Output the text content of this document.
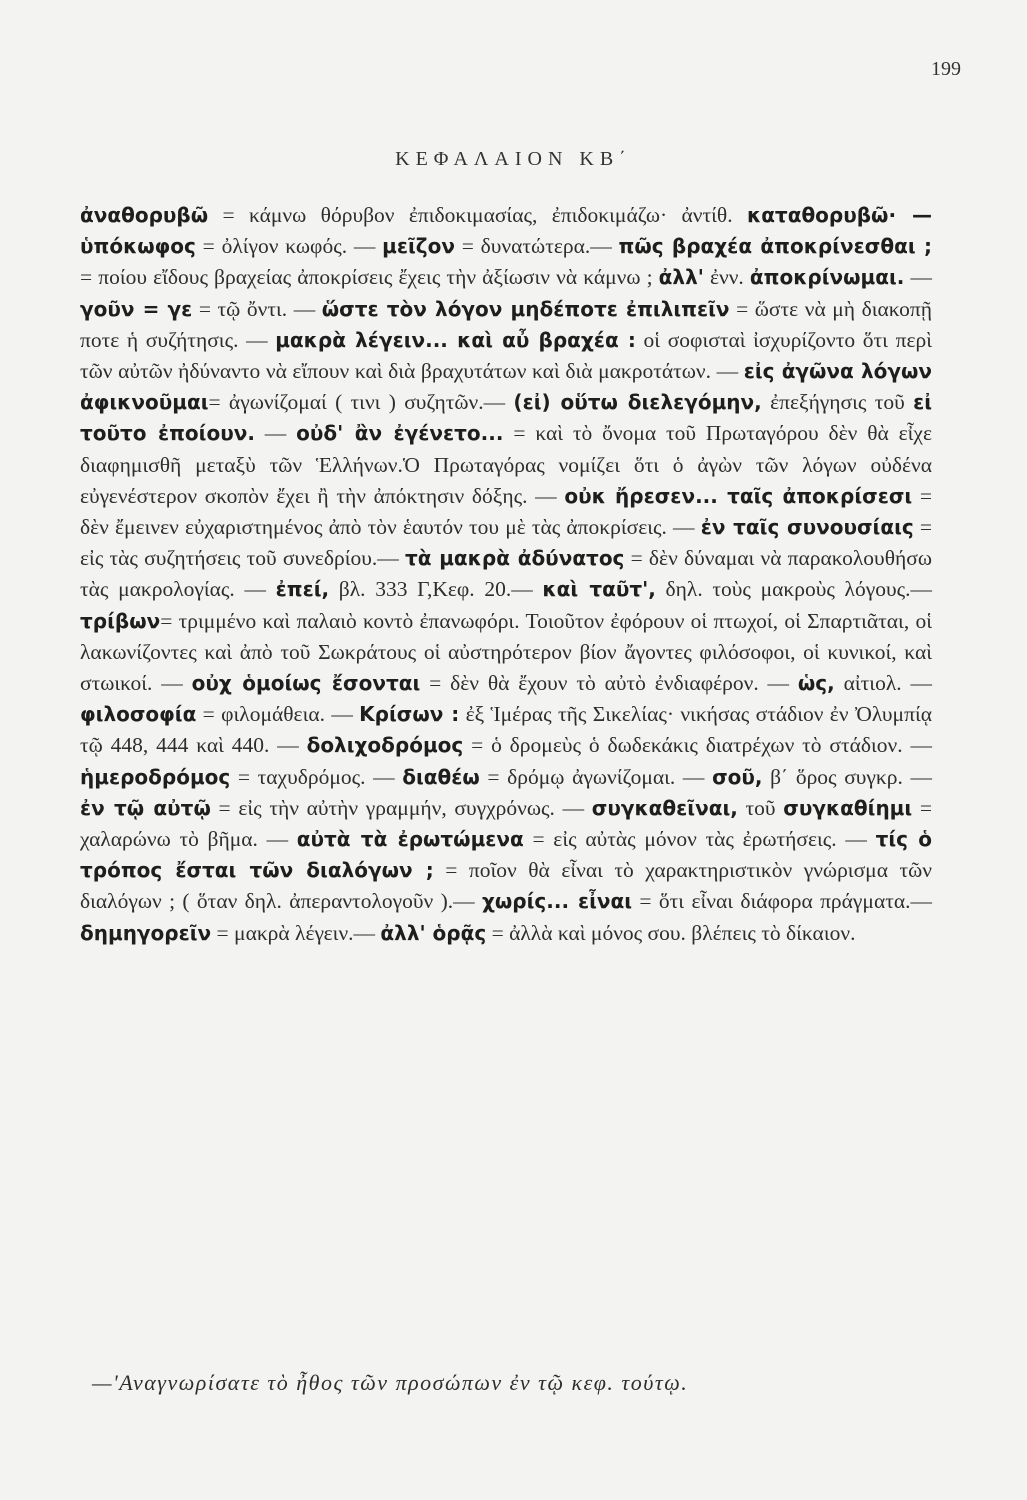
199
ΚΕΦΑΛΑΙΟΝ ΚΒ΄

ἀναθορυβῶ = κάμνω θόρυβον ἐπιδοκιμασίας, ἐπιδοκιμάζω· ἀντίθ. καταθορυβῶ· — ὑπόκωφος = ὀλίγον κωφός. — μεῖζον = δυνατώτερα.— πῶς βραχέα ἀποκρίνεσθαι ; = ποίου εἴδους βραχείας ἀποκρίσεις ἔχεις τὴν ἀξίωσιν νὰ κάμνω ; ἀλλ' ἐνν. ἀποκρίνωμαι. — γοῦν = γε = τῷ ὄντι. — ὥστε τὸν λόγον μηδέποτε ἐπιλιπεῖν = ὥστε νὰ μὴ διακοπῇ ποτε ἡ συζήτησις. — μακρὰ λέγειν... καὶ αὖ βραχέα : οἱ σοφισταὶ ἰσχυρίζοντο ὅτι περὶ τῶν αὐτῶν ἠδύναντο νὰ εἴπουν καὶ διὰ βραχυτάτων καὶ διὰ μακροτάτων. — εἰς ἀγῶνα λόγων ἀφικνοῦμαι= ἀγωνίζομαί ( τινι ) συζητῶν.— (εἰ) οὕτω διελεγόμην, ἐπεξήγησις τοῦ εἰ τοῦτο ἐποίουν. — οὐδ' ἂν ἐγένετο... = καὶ τὸ ὄνομα τοῦ Πρωταγόρου δὲν θὰ εἶχε διαφημισθῆ μεταξὺ τῶν Ἑλλήνων.Ὁ Πρωταγόρας νομίζει ὅτι ὁ ἀγὼν τῶν λόγων οὐδένα εὐγενέστερον σκοπὸν ἔχει ἢ τὴν ἀπόκτησιν δόξης. — οὐκ ἤρεσεν... ταῖς ἀποκρίσεσι = δὲν ἔμεινεν εὐχαριστημένος ἀπὸ τὸν ἑαυτόν του μὲ τὰς ἀποκρίσεις. — ἐν ταῖς συνουσίαις = εἰς τὰς συζητήσεις τοῦ συνεδρίου.— τὰ μακρὰ ἀδύνατος = δὲν δύναμαι νὰ παρακολουθήσω τὰς μακρολογίας. — ἐπεί, βλ. 333 Γ,Κεφ. 20.— καὶ ταῦτ', δηλ. τοὺς μακροὺς λόγους.— τρίβων= τριμμένο καὶ παλαιὸ κοντὸ ἐπανωφόρι. Τοιοῦτον ἐφόρουν οἱ πτωχοί, οἱ Σπαρτιᾶται, οἱ λακωνίζοντες καὶ ἀπὸ τοῦ Σωκράτους οἱ αὐστηρότερον βίον ἄγοντες φιλόσοφοι, οἱ κυνικοί, καὶ στωικοί. — οὐχ ὁμοίως ἔσονται = δὲν θὰ ἔχουν τὸ αὐτὸ ἐνδιαφέρον. — ὡς, αἰτιολ. — φιλοσοφία = φιλομάθεια. — Κρίσων : ἐξ Ἱμέρας τῆς Σικελίας· νικήσας στάδιον ἐν Ὀλυμπίᾳ τῷ 448, 444 καὶ 440. — δολιχοδρόμος = ὁ δρομεὺς ὁ δωδεκάκις διατρέχων τὸ στάδιον. — ἡμεροδρόμος = ταχυδρόμος. — διαθέω = δρόμῳ ἀγωνίζομαι. — σοῦ, β΄ ὅρος συγκρ. — ἐν τῷ αὐτῷ = εἰς τὴν αὐτὴν γραμμήν, συγχρόνως. — συγκαθεῖναι, τοῦ συγκαθίημι = χαλαρώνω τὸ βῆμα. — αὐτὰ τὰ ἐρωτώμενα = εἰς αὐτὰς μόνον τὰς ἐρωτήσεις. — τίς ὁ τρόπος ἔσται τῶν διαλόγων ; = ποῖον θὰ εἶναι τὸ χαρακτηριστικὸν γνώρισμα τῶν διαλόγων ; ( ὅταν δηλ. ἀπεραντολογοῦν ).— χωρίς... εἶναι = ὅτι εἶναι διάφορα πράγματα.— δημηγορεῖν = μακρὰ λέγειν.— ἀλλ' ὁρᾷς = ἀλλὰ καὶ μόνος σου. βλέπεις τὸ δίκαιον.

—'Αναγνωρίσατε τὸ ἦθος τῶν προσώπων ἐν τῷ κεφ. τούτῳ.
